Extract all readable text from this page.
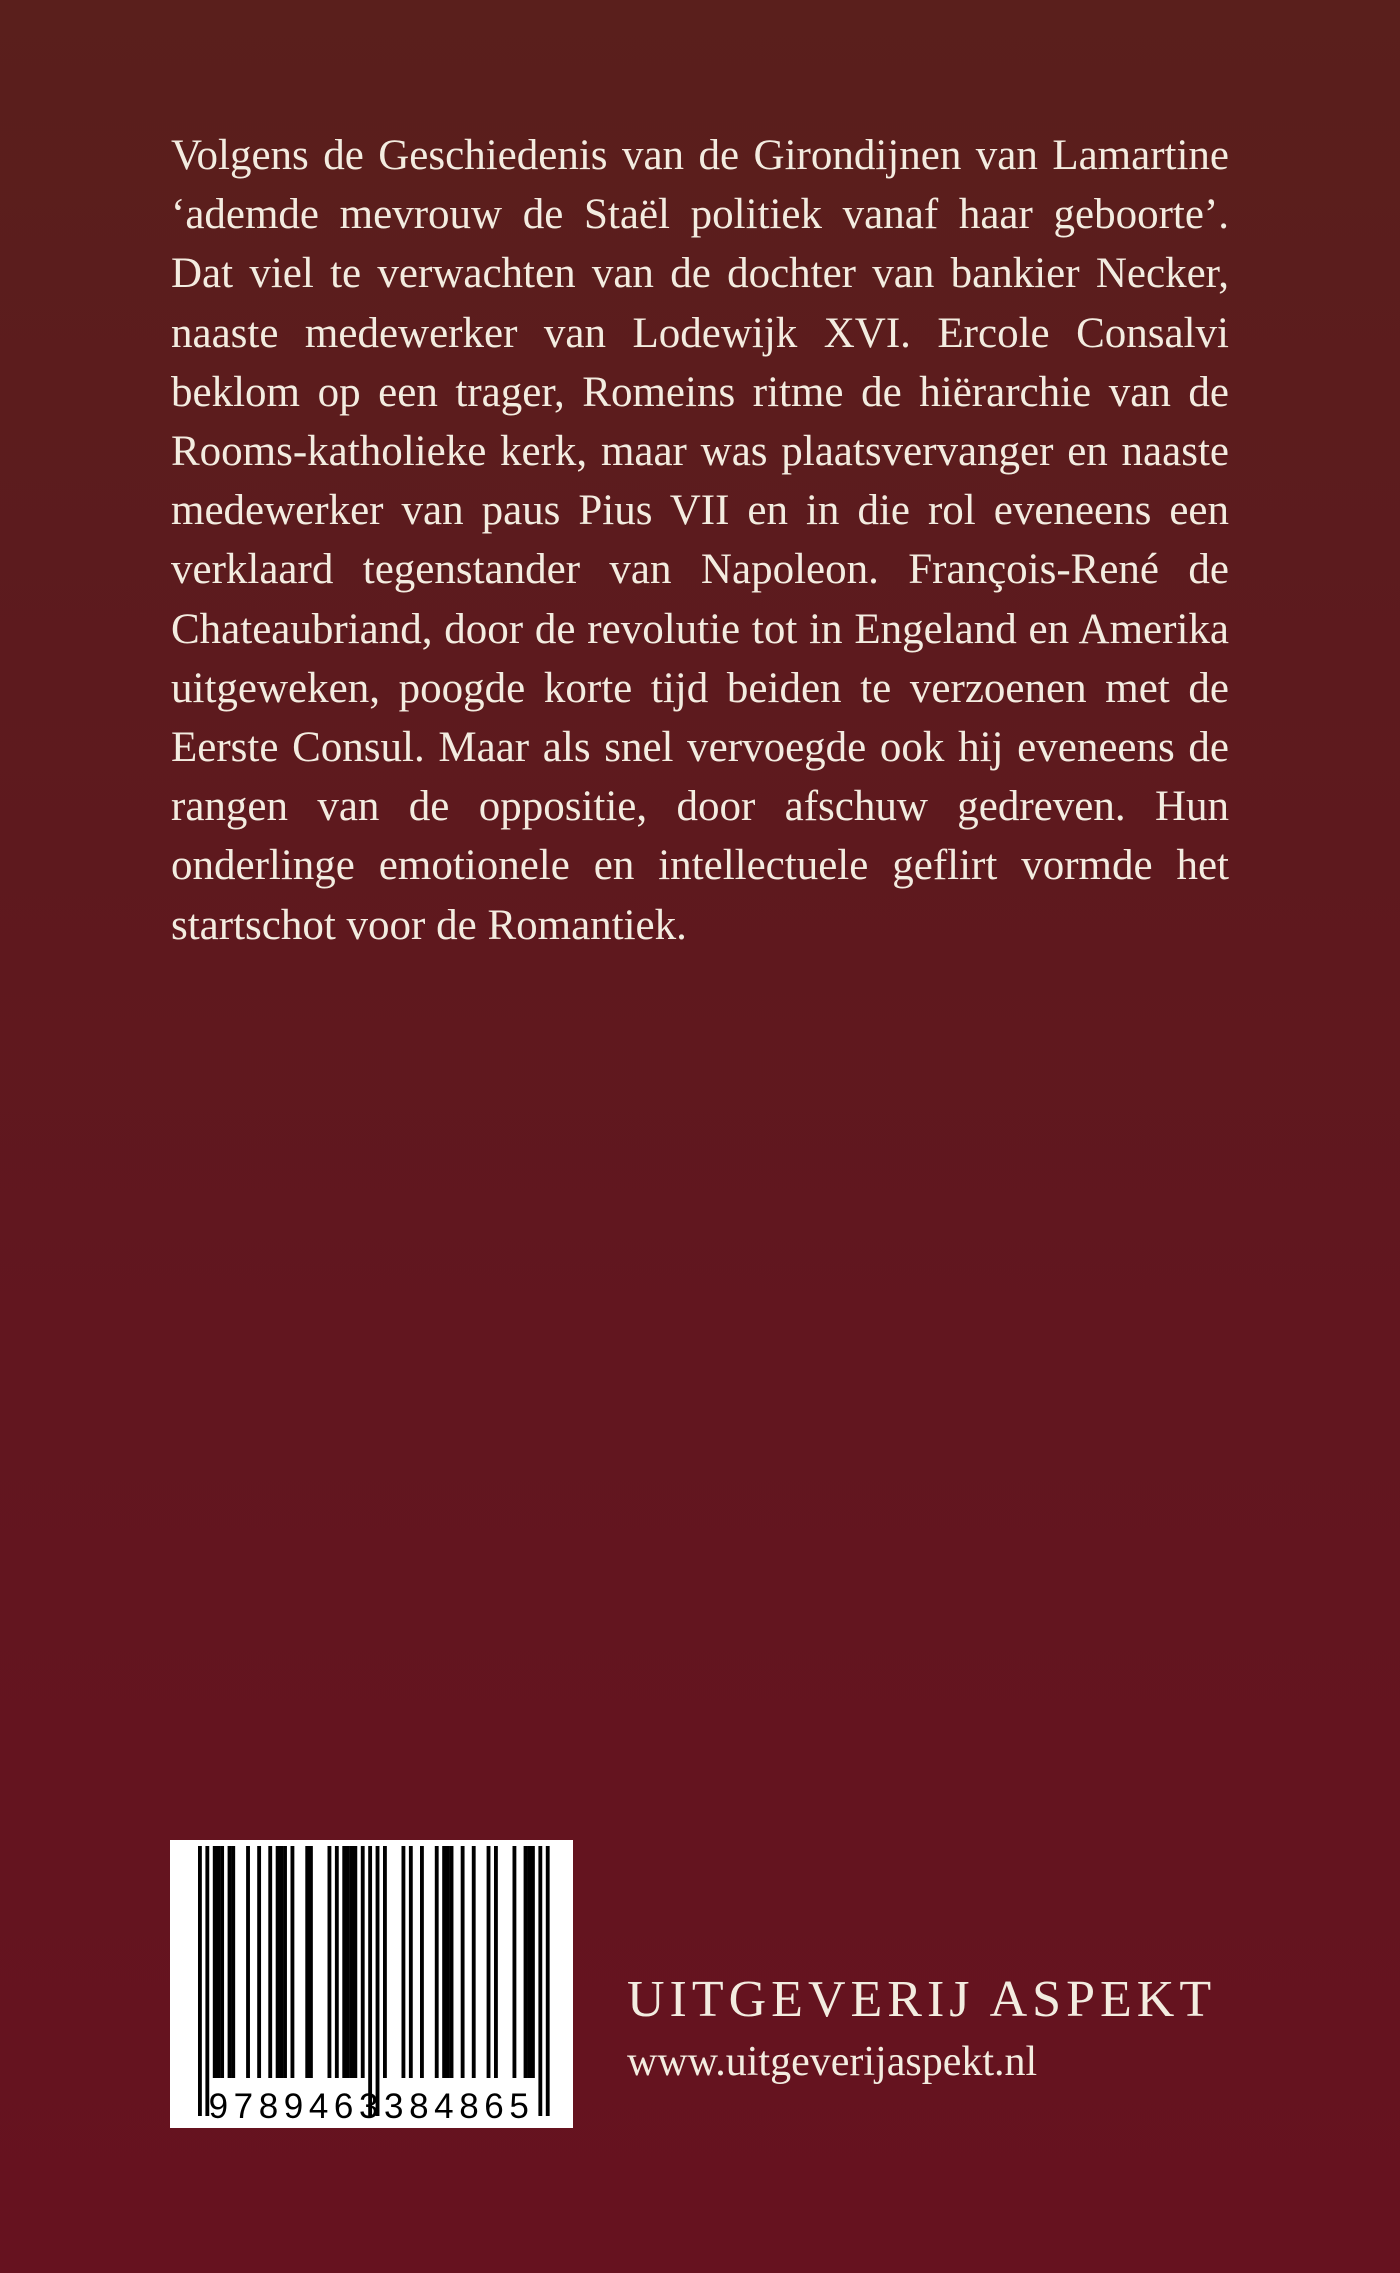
Volgens de Geschiedenis van de Girondijnen van Lamartine ‘ademde mevrouw de Staël politiek vanaf haar geboorte’. Dat viel te verwachten van de dochter van bankier Necker, naaste medewerker van Lodewijk XVI. Ercole Consalvi beklom op een trager, Romeins ritme de hiërarchie van de Rooms-katholieke kerk, maar was plaatsvervanger en naaste medewerker van paus Pius VII en in die rol eveneens een verklaard tegenstander van Napoleon. François-René de Chateaubriand, door de revolutie tot in Engeland en Amerika uitgeweken, poogde korte tijd beiden te verzoenen met de Eerste Consul. Maar als snel vervoegde ook hij eveneens de rangen van de oppositie, door afschuw gedreven. Hun onderlinge emotionele en intellectuele geflirt vormde het startschot voor de Romantiek.

9789463384865
UITGEVERIJ ASPEKT
www.uitgeverijaspekt.nl
